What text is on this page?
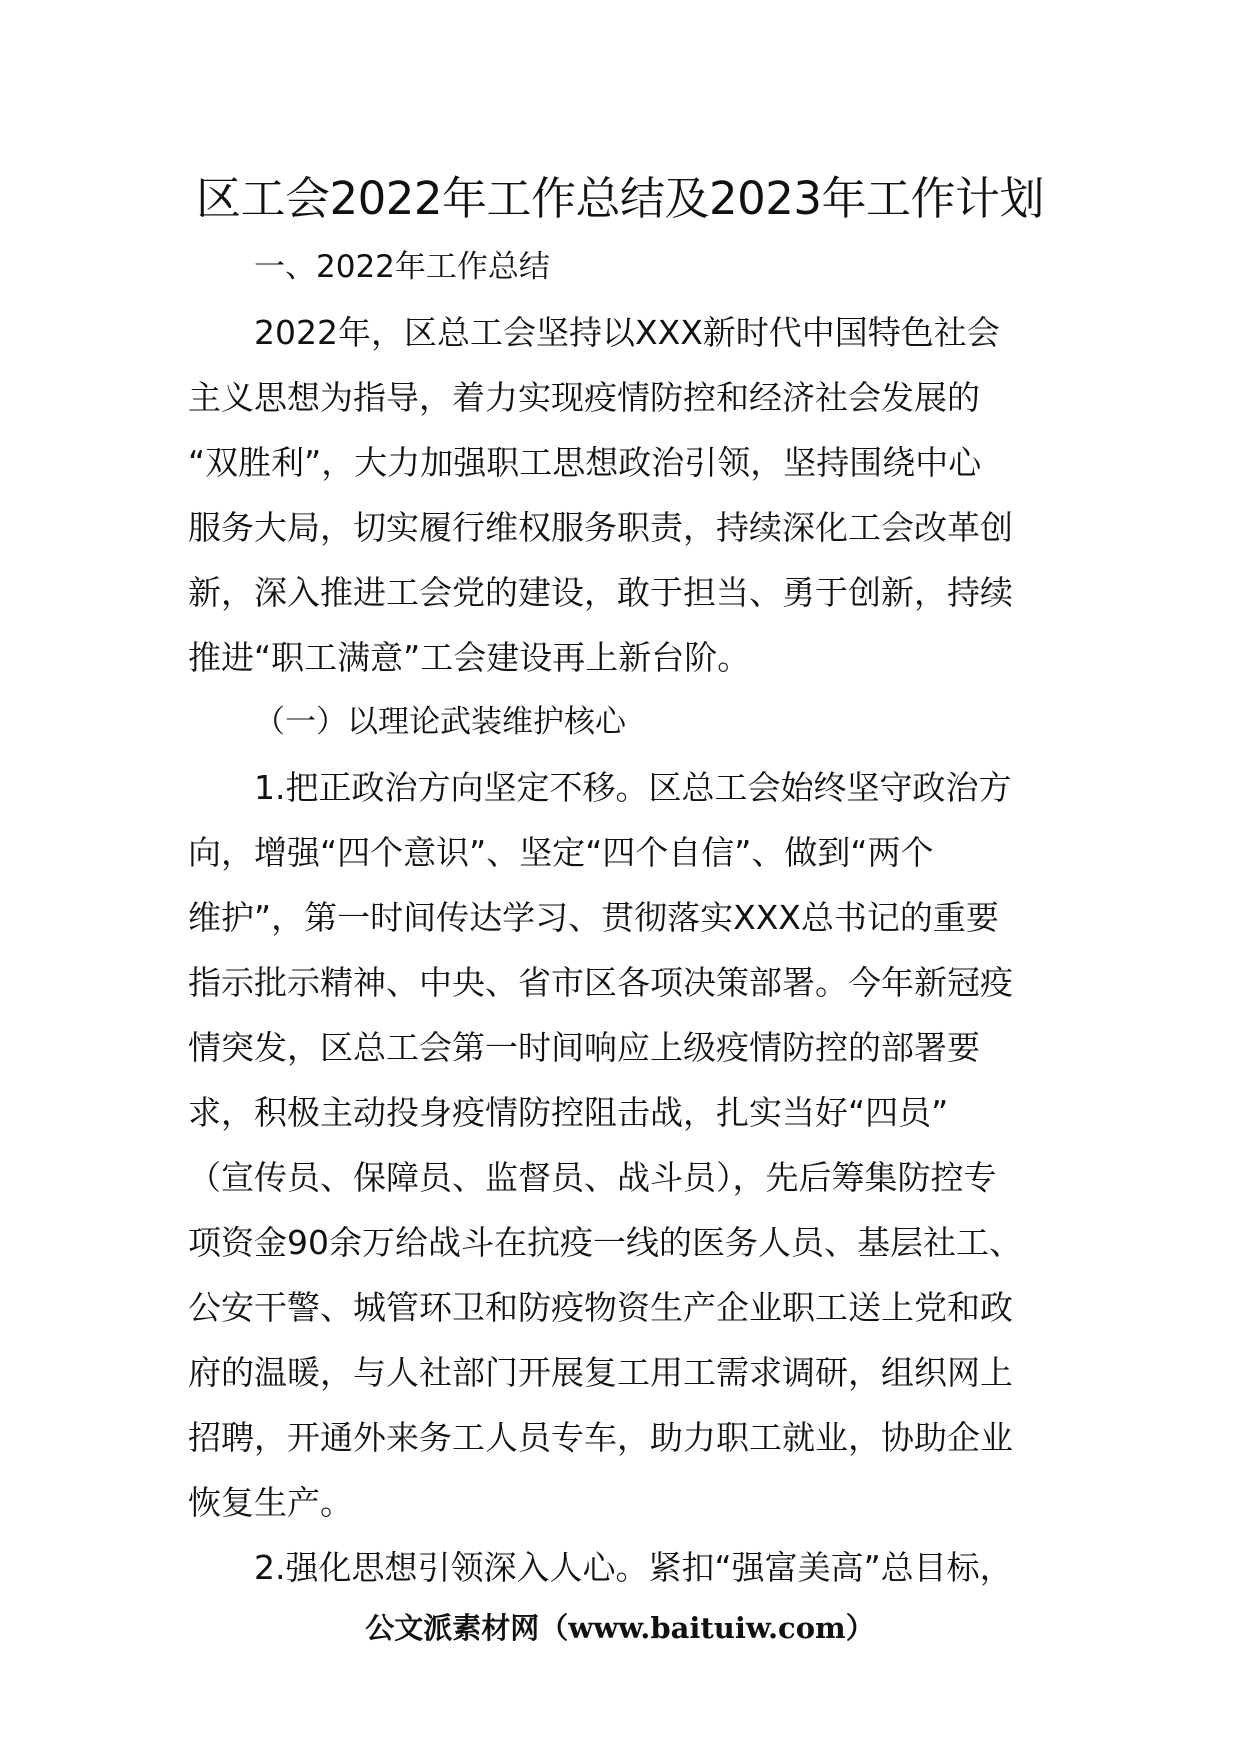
区工会2022年工作总结及2023年工作计划
一、2022年工作总结
2022年，区总工会坚持以XXX新时代中国特色社会
主义思想为指导，着力实现疫情防控和经济社会发展的
“双胜利”，大力加强职工思想政治引领，坚持围绕中心
服务大局，切实履行维权服务职责，持续深化工会改革创
新，深入推进工会党的建设，敢于担当、勇于创新，持续
推进“职工满意”工会建设再上新台阶。
（一）以理论武装维护核心
1.把正政治方向坚定不移。区总工会始终坚守政治方
向，增强“四个意识”、坚定“四个自信”、做到“两个
维护”，第一时间传达学习、贯彻落实XXX总书记的重要
指示批示精神、中央、省市区各项决策部署。今年新冠疫
情突发，区总工会第一时间响应上级疫情防控的部署要
求，积极主动投身疫情防控阻击战，扎实当好“四员”
（宣传员、保障员、监督员、战斗员），先后筹集防控专
项资金90余万给战斗在抗疫一线的医务人员、基层社工、
公安干警、城管环卫和防疫物资生产企业职工送上党和政
府的温暖，与人社部门开展复工用工需求调研，组织网上
招聘，开通外来务工人员专车，助力职工就业，协助企业
恢复生产。
2.强化思想引领深入人心。紧扣“强富美高”总目标，
公文派素材网（www.baituiw.com）
